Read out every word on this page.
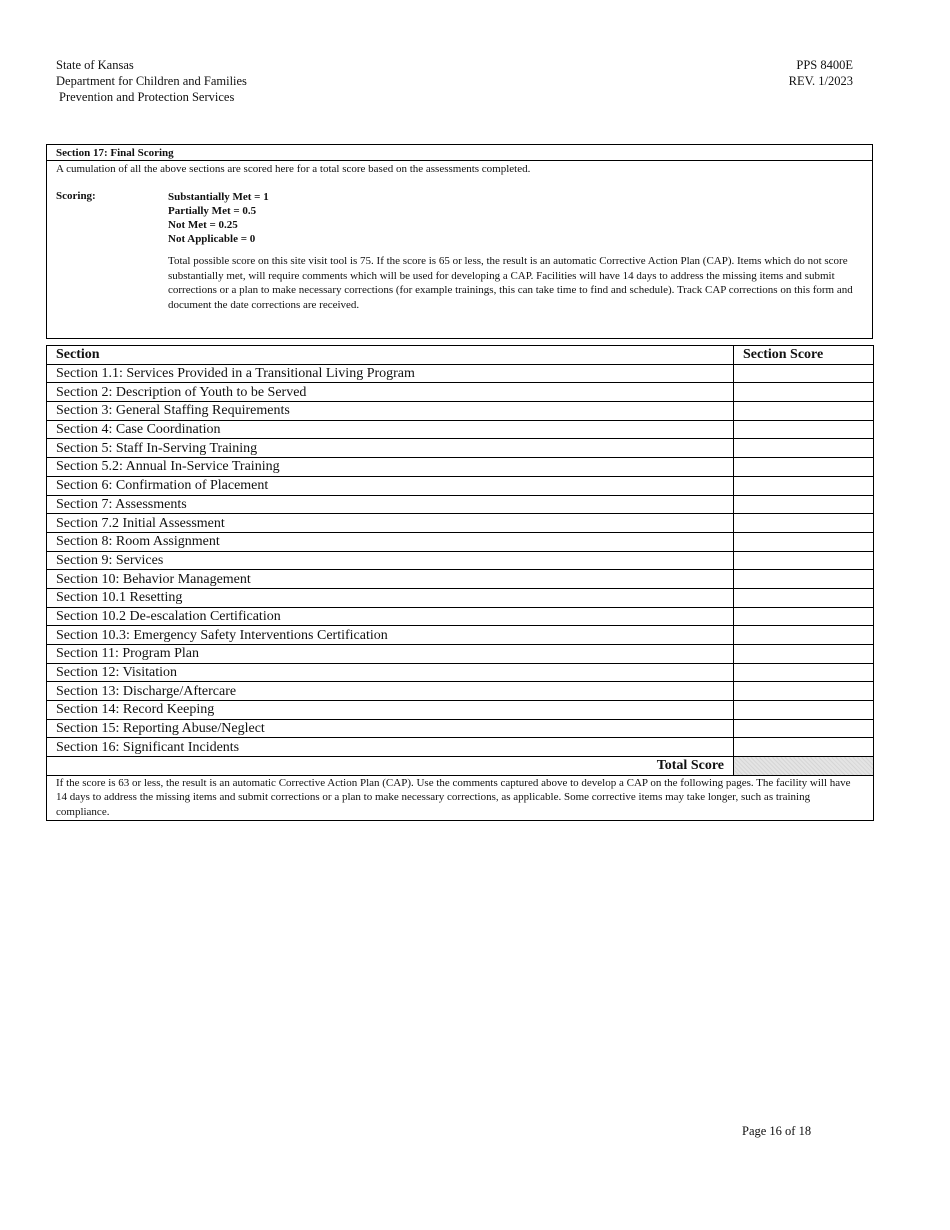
State of Kansas
Department for Children and Families
Prevention and Protection Services
PPS 8400E
REV. 1/2023
Section 17: Final Scoring
A cumulation of all the above sections are scored here for a total score based on the assessments completed.
Scoring:	Substantially Met = 1
Partially Met = 0.5
Not Met = 0.25
Not Applicable = 0
Total possible score on this site visit tool is 75. If the score is 65 or less, the result is an automatic Corrective Action Plan (CAP). Items which do not score substantially met, will require comments which will be used for developing a CAP. Facilities will have 14 days to address the missing items and submit corrections or a plan to make necessary corrections (for example trainings, this can take time to find and schedule). Track CAP corrections on this form and document the date corrections are received.
Section	Section Score
Section 1.1: Services Provided in a Transitional Living Program	
Section 2: Description of Youth to be Served	
Section 3: General Staffing Requirements	
Section 4: Case Coordination	
Section 5: Staff In-Serving Training	
Section 5.2: Annual In-Service Training	
Section 6: Confirmation of Placement	
Section 7: Assessments	
Section 7.2 Initial Assessment	
Section 8: Room Assignment	
Section 9: Services	
Section 10: Behavior Management	
Section 10.1 Resetting	
Section 10.2 De-escalation Certification	
Section 10.3: Emergency Safety Interventions Certification	
Section 11: Program Plan	
Section 12: Visitation	
Section 13: Discharge/Aftercare	
Section 14: Record Keeping	
Section 15: Reporting Abuse/Neglect	
Section 16: Significant Incidents	
Total Score	
If the score is 63 or less, the result is an automatic Corrective Action Plan (CAP). Use the comments captured above to develop a CAP on the following pages. The facility will have 14 days to address the missing items and submit corrections or a plan to make necessary corrections, as applicable. Some corrective items may take longer, such as training compliance.	
Page 16 of 18
